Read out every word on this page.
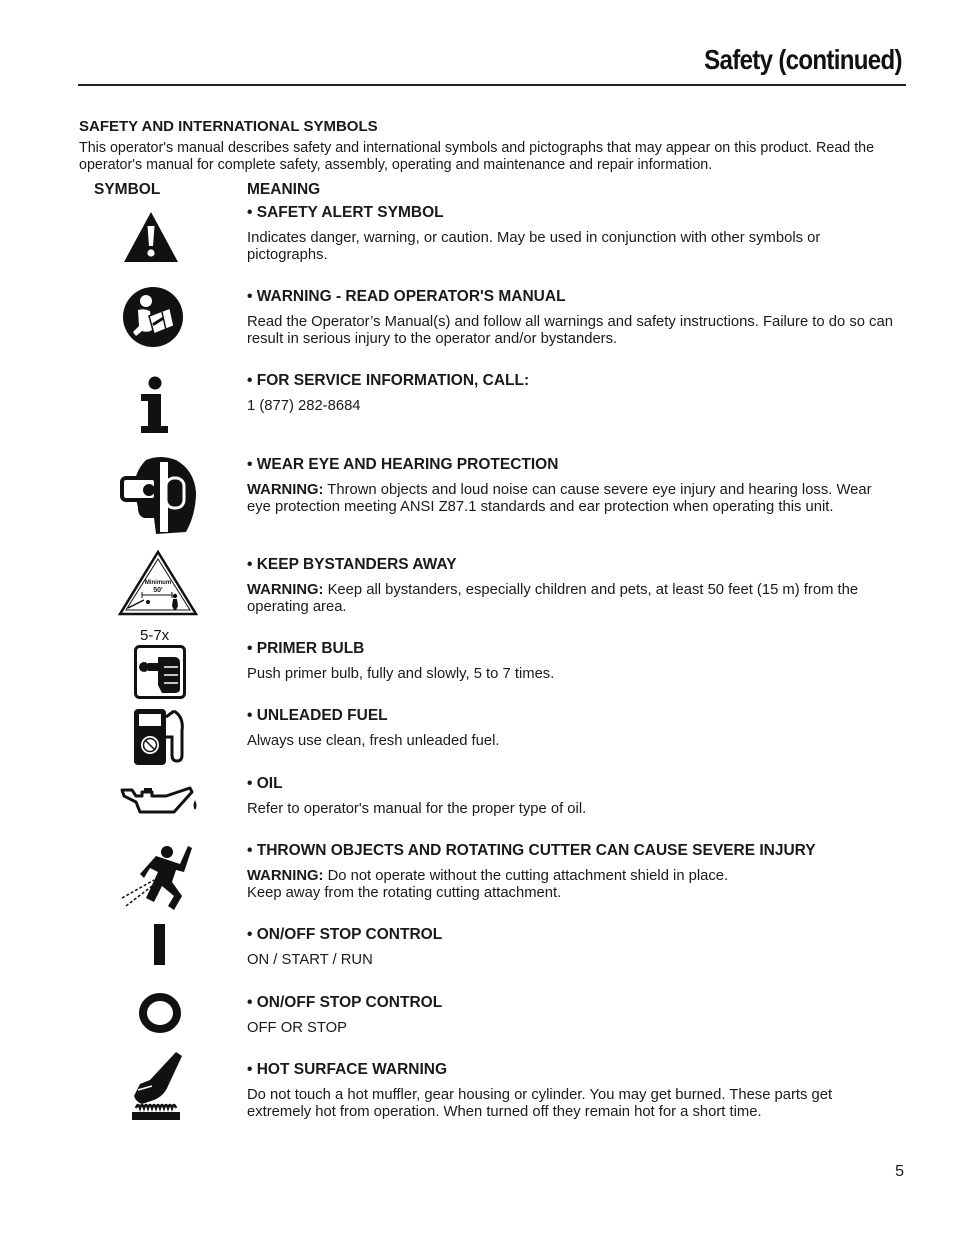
Safety (continued)
SAFETY AND INTERNATIONAL SYMBOLS
This operator's manual describes safety and international symbols and pictographs that may appear on this product. Read the operator's manual for complete safety, assembly, operating and maintenance and repair information.
SYMBOL	MEANING
• SAFETY ALERT SYMBOL
Indicates danger, warning, or caution. May be used in conjunction with other symbols or pictographs.
• WARNING - READ OPERATOR'S MANUAL
Read the Operator’s Manual(s) and follow all warnings and safety instructions. Failure to do so can result in serious injury to the operator and/or bystanders.
• FOR SERVICE INFORMATION, CALL:
1 (877) 282-8684
• WEAR EYE AND HEARING PROTECTION
WARNING: Thrown objects and loud noise can cause severe eye injury and hearing loss. Wear eye protection meeting ANSI Z87.1 standards and ear protection when operating this unit.
• KEEP BYSTANDERS AWAY
WARNING: Keep all bystanders, especially children and pets, at least 50 feet (15 m) from the operating area.
• PRIMER BULB
Push primer bulb, fully and slowly, 5 to 7 times.
• UNLEADED FUEL
Always use clean, fresh unleaded fuel.
• OIL
Refer to operator's manual for the proper type of oil.
• THROWN OBJECTS AND ROTATING CUTTER CAN CAUSE SEVERE INJURY
WARNING: Do not operate without the cutting attachment shield in place.
Keep away from the rotating cutting attachment.
• ON/OFF STOP CONTROL
ON / START / RUN
• ON/OFF STOP CONTROL
OFF OR STOP
• HOT SURFACE WARNING
Do not touch a hot muffler, gear housing or cylinder. You may get burned. These parts get extremely hot from operation. When turned off they remain hot for a short time.
Minimum
50'
5-7x
5
